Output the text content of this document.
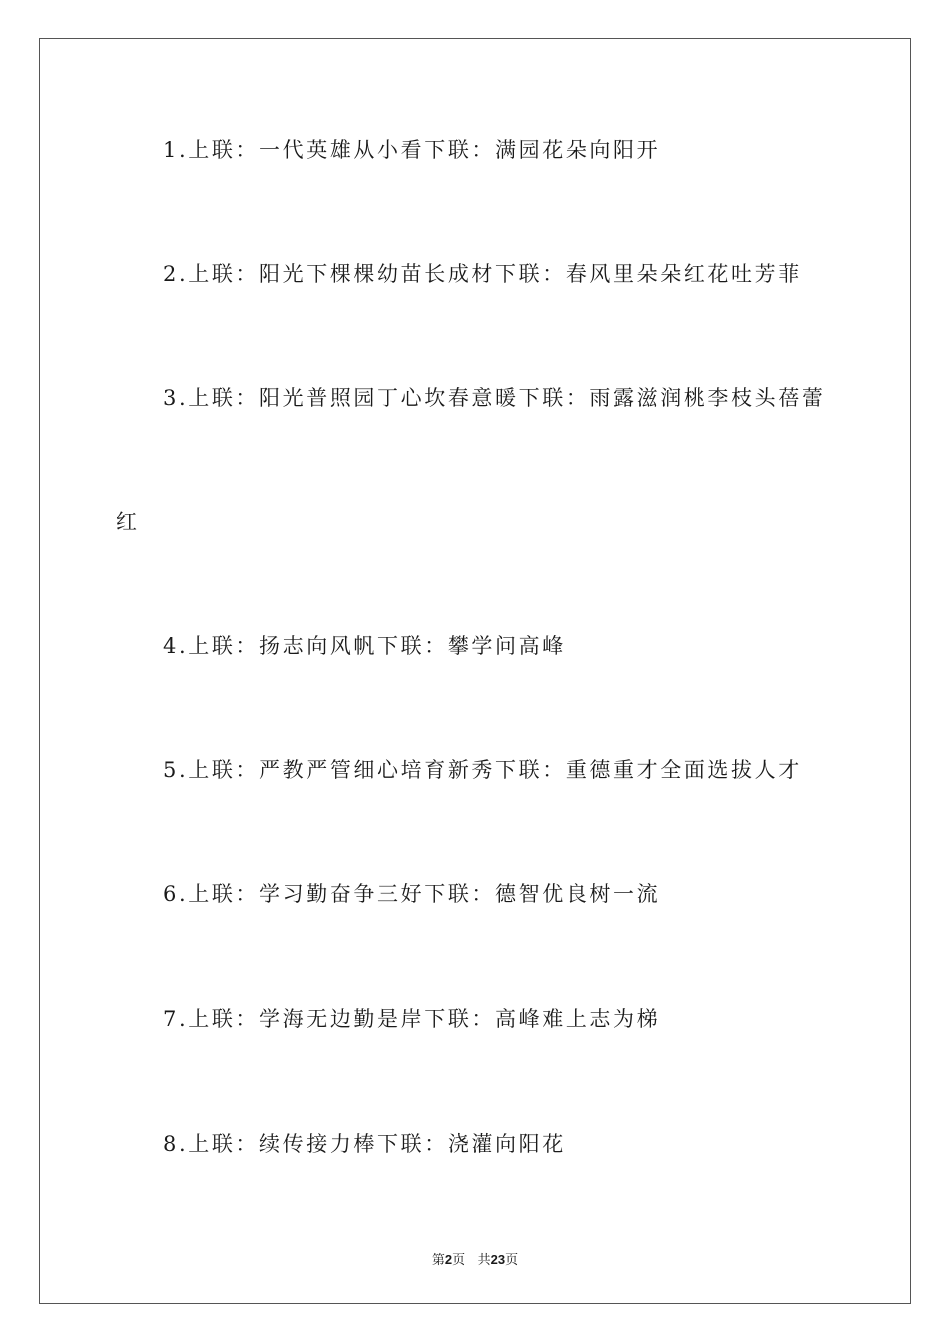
1.上联：一代英雄从小看下联：满园花朵向阳开
2.上联：阳光下棵棵幼苗长成材下联：春风里朵朵红花吐芳菲
3.上联：阳光普照园丁心坎春意暖下联：雨露滋润桃李枝头蓓蕾
红
4.上联：扬志向风帆下联：攀学问高峰
5.上联：严教严管细心培育新秀下联：重德重才全面选拔人才
6.上联：学习勤奋争三好下联：德智优良树一流
7.上联：学海无边勤是岸下联：高峰难上志为梯
8.上联：续传接力棒下联：浇灌向阳花
第2页 共23页
